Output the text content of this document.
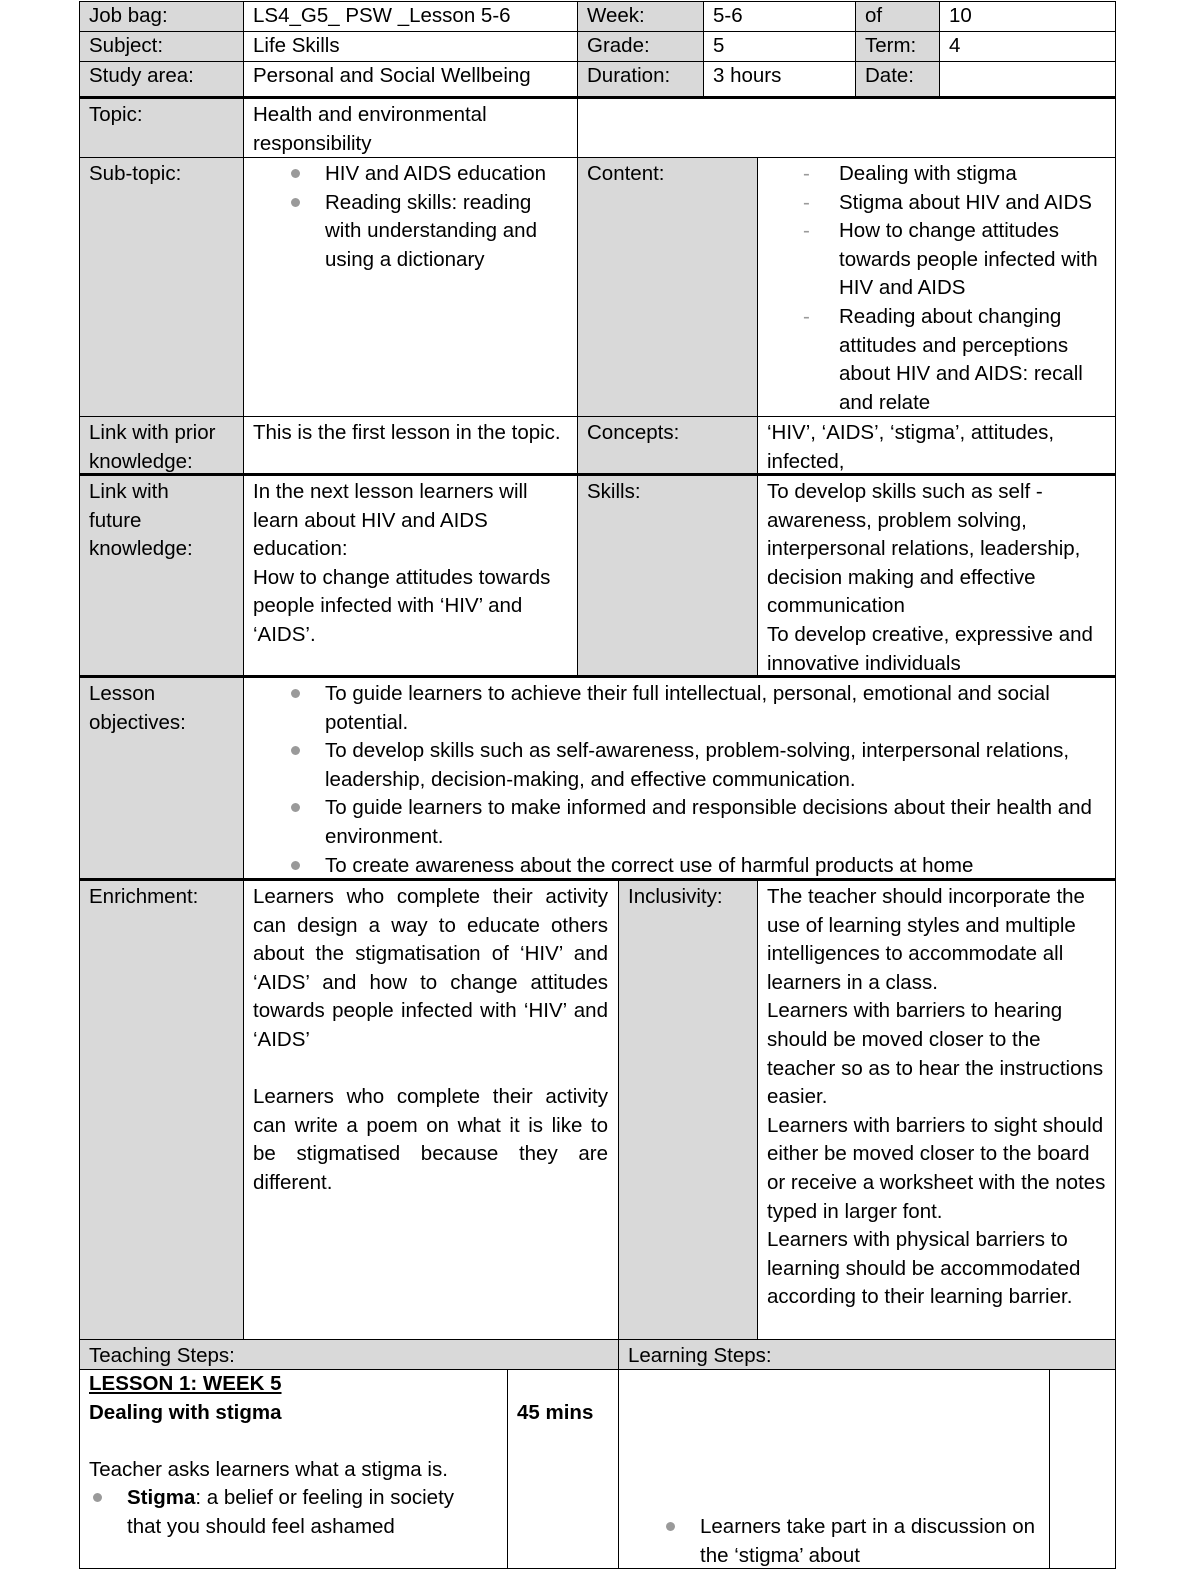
Job bag:	LS4_G5_ PSW _Lesson 5-6	Week:	5-6	of	10
Subject:	Life Skills	Grade:	5	Term:	4
Study area:	Personal and Social Wellbeing	Duration:	3 hours	Date:
Topic:	Health and environmental responsibility
Sub-topic:	HIV and AIDS education
Reading skills: reading with understanding and using a dictionary
Content:
-	Dealing with stigma
- Stigma about HIV and AIDS
- How to change attitudes towards people infected with HIV and AIDS
- Reading about changing attitudes and perceptions about HIV and AIDS: recall and relate
Link with prior knowledge:
This is the first lesson in the topic.	Concepts:	‘HIV’, ‘AIDS’, ‘stigma’, attitudes, infected,
Link with future knowledge:
In the next lesson learners will learn about HIV and AIDS education:
How to change attitudes towards people infected with ‘HIV’ and ‘AIDS’.
Skills:	To develop skills such as self -awareness, problem solving, interpersonal relations, leadership, decision making and effective communication
To develop creative, expressive and innovative individuals
Lesson objectives:
To guide learners to achieve their full intellectual, personal, emotional and social potential.
To develop skills such as self-awareness, problem-solving, interpersonal relations, leadership, decision-making, and effective communication.
To guide learners to make informed and responsible decisions about their health and environment.
To create awareness about the correct use of harmful products at home
Enrichment:	Learners who complete their activity can design a way to educate others about the stigmatisation of ‘HIV’ and ‘AIDS’ and how to change attitudes towards people infected with ‘HIV’ and ‘AIDS’
Learners who complete their activity can write a poem on what it is like to be stigmatised because they are different.
Inclusivity:	The teacher should incorporate the use of learning styles and multiple intelligences to accommodate all learners in a class.
Learners with barriers to hearing should be moved closer to the teacher so as to hear the instructions easier.
Learners with barriers to sight should either be moved closer to the board or receive a worksheet with the notes typed in larger font.
Learners with physical barriers to learning should be accommodated according to their learning barrier.
Teaching Steps:	Learning Steps:
LESSON 1: WEEK 5
Dealing with stigma
Teacher asks learners what a stigma is.
Stigma: a belief or feeling in society that you should feel ashamed
45 mins
Learners take part in a discussion on the ‘stigma’ about
